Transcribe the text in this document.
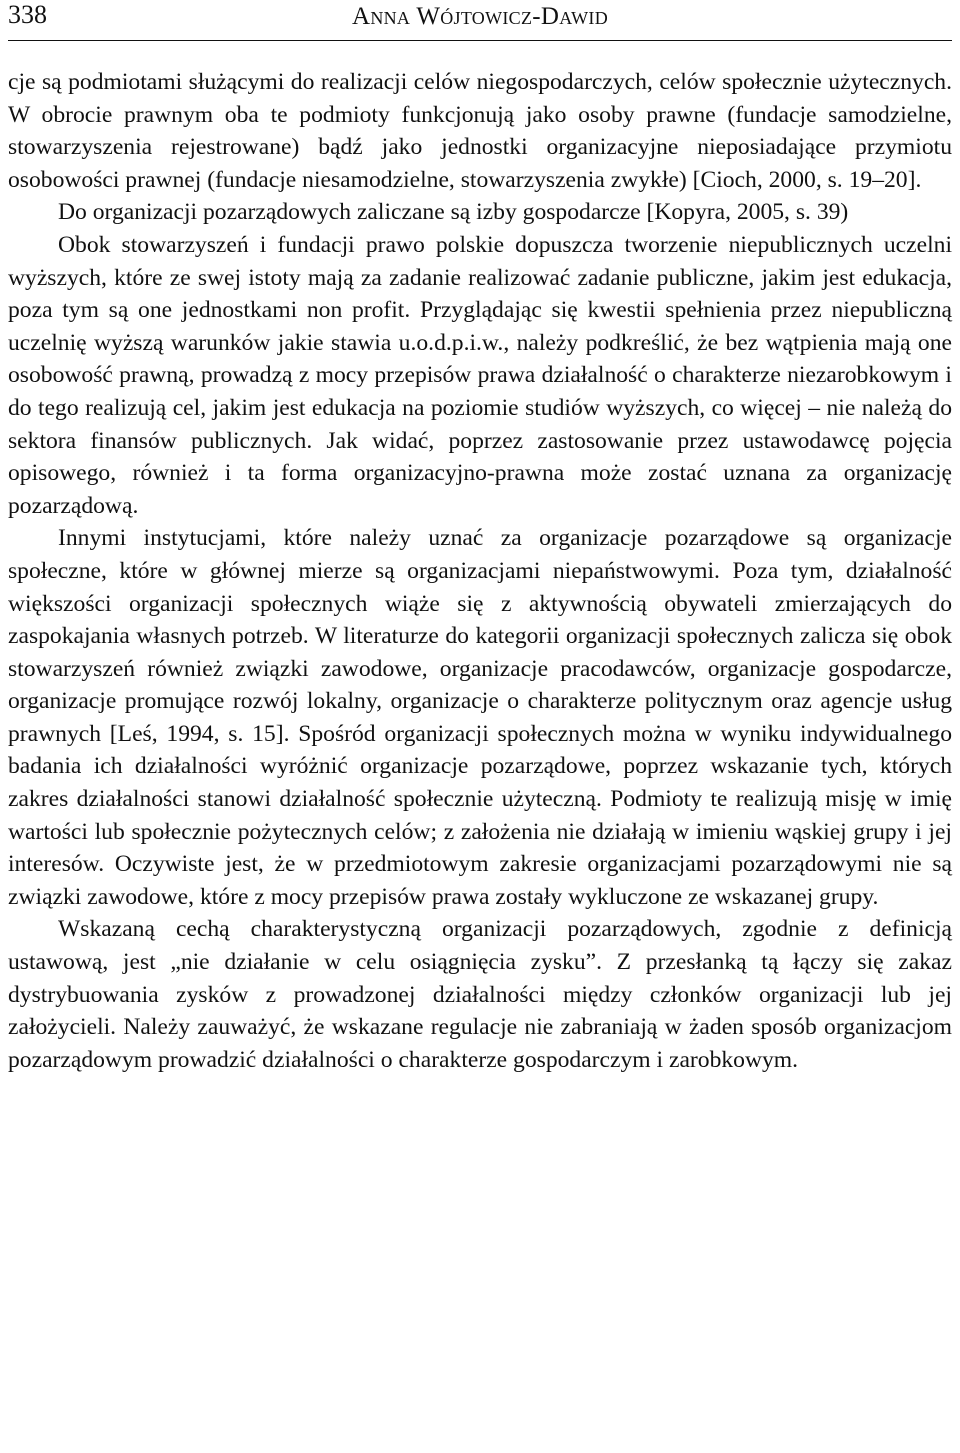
338	Anna Wójtowicz-Dawid

cje są podmiotami służącymi do realizacji celów niegospodarczych, celów społecznie użytecznych. W obrocie prawnym oba te podmioty funkcjonują jako osoby prawne (fundacje samodzielne, stowarzyszenia rejestrowane) bądź jako jednostki organizacyjne nieposiadające przymiotu osobowości prawnej (fundacje niesamodzielne, stowarzyszenia zwykłe) [Cioch, 2000, s. 19–20].

Do organizacji pozarządowych zaliczane są izby gospodarcze [Kopyra, 2005, s. 39)

Obok stowarzyszeń i fundacji prawo polskie dopuszcza tworzenie niepublicznych uczelni wyższych, które ze swej istoty mają za zadanie realizować zadanie publiczne, jakim jest edukacja, poza tym są one jednostkami non profit. Przyglądając się kwestii spełnienia przez niepubliczną uczelnię wyższą warunków jakie stawia u.o.d.p.i.w., należy podkreślić, że bez wątpienia mają one osobowość prawną, prowadzą z mocy przepisów prawa działalność o charakterze niezarobkowym i do tego realizują cel, jakim jest edukacja na poziomie studiów wyższych, co więcej – nie należą do sektora finansów publicznych. Jak widać, poprzez zastosowanie przez ustawodawcę pojęcia opisowego, również i ta forma organizacyjno-prawna może zostać uznana za organizację pozarządową.

Innymi instytucjami, które należy uznać za organizacje pozarządowe są organizacje społeczne, które w głównej mierze są organizacjami niepaństwowymi. Poza tym, działalność większości organizacji społecznych wiąże się z aktywnością obywateli zmierzających do zaspokajania własnych potrzeb. W literaturze do kategorii organizacji społecznych zalicza się obok stowarzyszeń również związki zawodowe, organizacje pracodawców, organizacje gospodarcze, organizacje promujące rozwój lokalny, organizacje o charakterze politycznym oraz agencje usług prawnych [Leś, 1994, s. 15]. Spośród organizacji społecznych można w wyniku indywidualnego badania ich działalności wyróżnić organizacje pozarządowe, poprzez wskazanie tych, których zakres działalności stanowi działalność społecznie użyteczną. Podmioty te realizują misję w imię wartości lub społecznie pożytecznych celów; z założenia nie działają w imieniu wąskiej grupy i jej interesów. Oczywiste jest, że w przedmiotowym zakresie organizacjami pozarządowymi nie są związki zawodowe, które z mocy przepisów prawa zostały wykluczone ze wskazanej grupy.

Wskazaną cechą charakterystyczną organizacji pozarządowych, zgodnie z definicją ustawową, jest „nie działanie w celu osiągnięcia zysku”. Z przesłanką tą łączy się zakaz dystrybuowania zysków z prowadzonej działalności między członków organizacji lub jej założycieli. Należy zauważyć, że wskazane regulacje nie zabraniają w żaden sposób organizacjom pozarządowym prowadzić działalności o charakterze gospodarczym i zarobkowym.
